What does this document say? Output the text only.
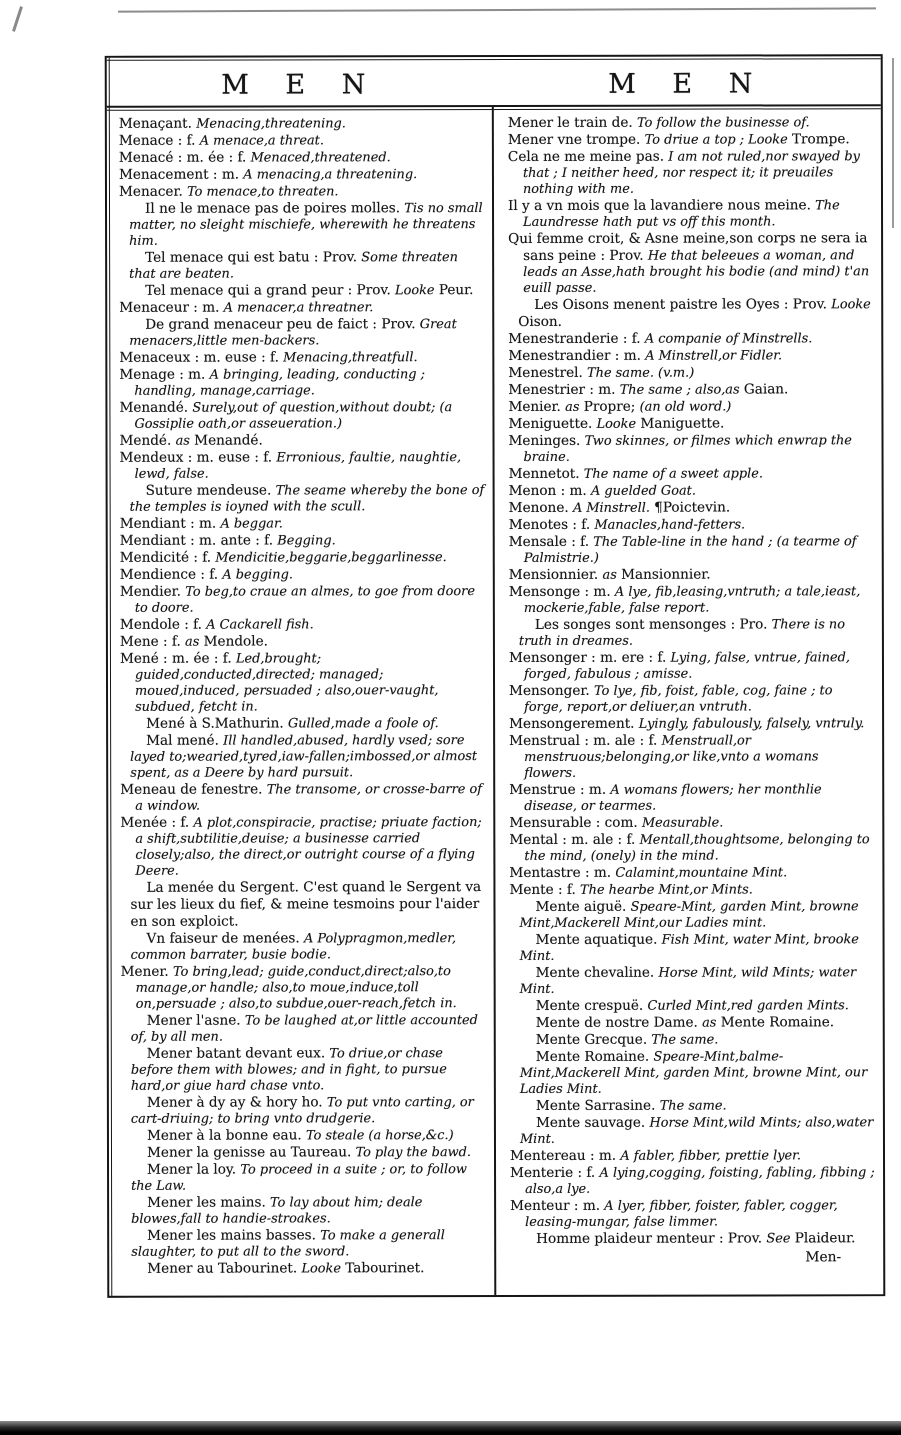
M E N	M E N
Menaçant. Menacing,threatening.
Menace : f. A menace,a threat.
Menacé : m. ée : f. Menaced,threatened.
Menacement : m. A menacing,a threatening.
Menacer. To menace,to threaten.
Il ne le menace pas de poires molles. Tis no small matter, no sleight mischiefe, wherewith he threatens him.
Tel menace qui est batu : Prov. Some threaten that are beaten.
Tel menace qui a grand peur : Prov. Looke Peur.
Menaceur : m. A menacer,a threatner.
De grand menaceur peu de faict : Prov. Great menacers,little men-backers.
Menaceux : m. euse : f. Menacing,threatfull.
Menage : m. A bringing, leading, conducting ; handling, manage,carriage.
Menandé. Surely,out of question,without doubt; (a Gossiplie oath,or asseueration.)
Mendé. as Menandé.
Mendeux : m. euse : f. Erronious, faultie, naughtie, lewd, false.
Suture mendeuse. The seame whereby the bone of the temples is ioyned with the scull.
Mendiant : m. A beggar.
Mendiant : m. ante : f. Begging.
Mendicité : f. Mendicitie,beggarie,beggarlinesse.
Mendience : f. A begging.
Mendier. To beg,to craue an almes, to goe from doore to doore.
Mendole : f. A Cackarell fish.
Mene : f. as Mendole.
Mené : m. ée : f. Led,brought; guided,conducted,directed; managed; moued,induced, persuaded ; also,ouer-vaught, subdued, fetcht in.
Mené à S.Mathurin. Gulled,made a foole of.
Mal mené. Ill handled,abused, hardly vsed; sore layed to;wearied,tyred,iaw-fallen;imbossed,or almost spent, as a Deere by hard pursuit.
Meneau de fenestre. The transome, or crosse-barre of a window.
Menée : f. A plot,conspiracie, practise; priuate faction; a shift,subtilitie,deuise; a businesse carried closely;also, the direct,or outright course of a flying Deere.
La menée du Sergent. C'est quand le Sergent va sur les lieux du fief, & meine tesmoins pour l'aider en son exploict.
Vn faiseur de menées. A Polypragmon,medler, common barrater, busie bodie.
Mener. To bring,lead; guide,conduct,direct;also,to manage,or handle; also,to moue,induce,toll on,persuade ; also,to subdue,ouer-reach,fetch in.
Mener l'asne. To be laughed at,or little accounted of, by all men.
Mener batant devant eux. To driue,or chase before them with blowes; and in fight, to pursue hard,or giue hard chase vnto.
Mener à dy ay & hory ho. To put vnto carting, or cart-driuing; to bring vnto drudgerie.
Mener à la bonne eau. To steale (a horse,&c.)
Mener la genisse au Taureau. To play the bawd.
Mener la loy. To proceed in a suite ; or, to follow the Law.
Mener les mains. To lay about him; deale blowes,fall to handie-stroakes.
Mener les mains basses. To make a generall slaughter, to put all to the sword.
Mener au Tabourinet. Looke Tabourinet.
Mener le train de. To follow the businesse of.
Mener vne trompe. To driue a top ; Looke Trompe.
Cela ne me meine pas. I am not ruled,nor swayed by that ; I neither heed, nor respect it; it preuailes nothing with me.
Il y a vn mois que la lavandiere nous meine. The Laundresse hath put vs off this month.
Qui femme croit, & Asne meine,son corps ne sera ia sans peine : Prov. He that beleeues a woman, and leads an Asse,hath brought his bodie (and mind) t'an euill passe.
Les Oisons menent paistre les Oyes : Prov. Looke Oison.
Menestranderie : f. A companie of Minstrells.
Menestrandier : m. A Minstrell,or Fidler.
Menestrel. The same. (v.m.)
Menestrier : m. The same ; also,as Gaian.
Menier. as Propre; (an old word.)
Meniguette. Looke Maniguette.
Meninges. Two skinnes, or filmes which enwrap the braine.
Mennetot. The name of a sweet apple.
Menon : m. A guelded Goat.
Menone. A Minstrell. ¶Poictevin.
Menotes : f. Manacles,hand-fetters.
Mensale : f. The Table-line in the hand ; (a tearme of Palmistrie.)
Mensionnier. as Mansionnier.
Mensonge : m. A lye, fib,leasing,vntruth; a tale,ieast, mockerie,fable, false report.
Les songes sont mensonges : Pro. There is no truth in dreames.
Mensonger : m. ere : f. Lying, false, vntrue, fained, forged, fabulous ; amisse.
Mensonger. To lye, fib, foist, fable, cog, faine ; to forge, report,or deliuer,an vntruth.
Mensongerement. Lyingly, fabulously, falsely, vntruly.
Menstrual : m. ale : f. Menstruall,or menstruous;belonging,or like,vnto a womans flowers.
Menstrue : m. A womans flowers; her monthlie disease, or tearmes.
Mensurable : com. Measurable.
Mental : m. ale : f. Mentall,thoughtsome, belonging to the mind, (onely) in the mind.
Mentastre : m. Calamint,mountaine Mint.
Mente : f. The hearbe Mint,or Mints.
Mente aiguë. Speare-Mint, garden Mint, browne Mint,Mackerell Mint,our Ladies mint.
Mente aquatique. Fish Mint, water Mint, brooke Mint.
Mente chevaline. Horse Mint, wild Mints; water Mint.
Mente crespuë. Curled Mint,red garden Mints.
Mente de nostre Dame. as Mente Romaine.
Mente Grecque. The same.
Mente Romaine. Speare-Mint,balme-Mint,Mackerell Mint, garden Mint, browne Mint, our Ladies Mint.
Mente Sarrasine. The same.
Mente sauvage. Horse Mint,wild Mints; also,water Mint.
Mentereau : m. A fabler, fibber, prettie lyer.
Menterie : f. A lying,cogging, foisting, fabling, fibbing ; also,a lye.
Menteur : m. A lyer, fibber, foister, fabler, cogger, leasing-mungar, false limmer.
Homme plaideur menteur : Prov. See Plaideur.
Men-
